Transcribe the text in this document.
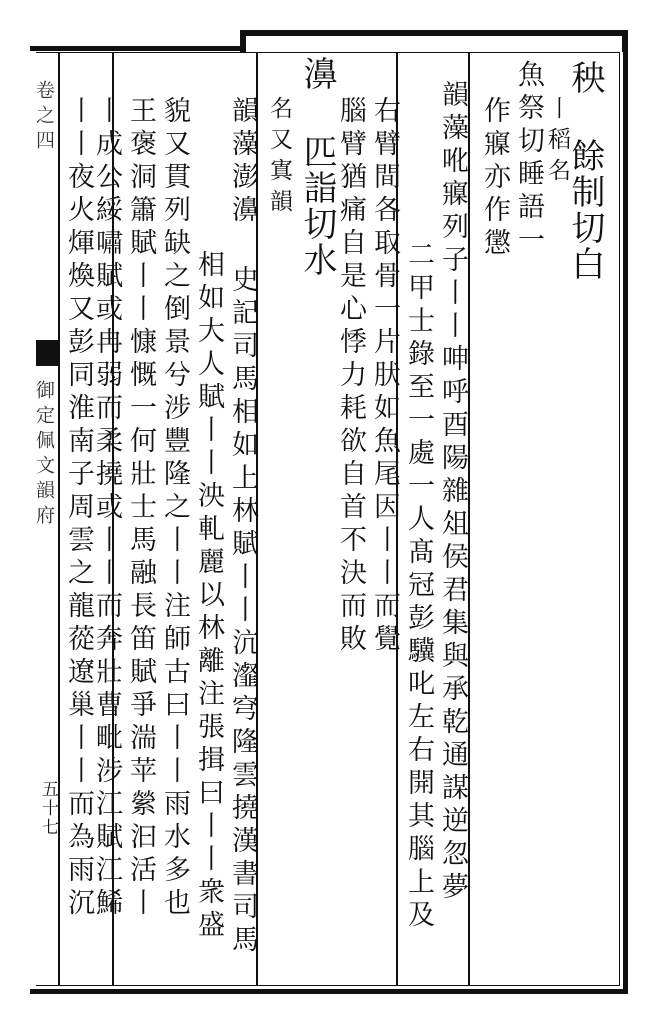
卷之四
御定佩文韻府
五十七
秧 餘制切白
丨稻名
魚祭切睡語一
作寱亦作懲
韻藻吪寱列子丨丨呻呼酉陽雜俎侯君集與承乾通謀逆忽夢
二甲士錄至一處一人髙冠彭驥叱左右開其腦上及
右臂間各取骨一片肰如魚尾因丨丨而覺
腦臂猶痛自是心悸力耗欲自首不決而敗
濞 匹詣切水
名又寘韻
韻藻澎濞 史記司馬相如上林賦丨丨沆瀣穹隆雲撓漢書司馬
相如大人賦丨丨泱軋麗以林離注張揖曰丨丨衆盛
貌又貫列缺之倒景兮涉豐隆之丨丨注師古曰丨丨雨水多也
王褒洞簫賦丨丨慷慨一何壯士馬融長笛賦爭湍苹縈汩活丨
丨成公綏嘯賦或冉弱而柔撓或丨丨而奔壯曹毗涉江賦江鯑
丨丨夜火煇煥又彭同淮南子周雲之龍蓯遼巢丨丨而為雨沉
